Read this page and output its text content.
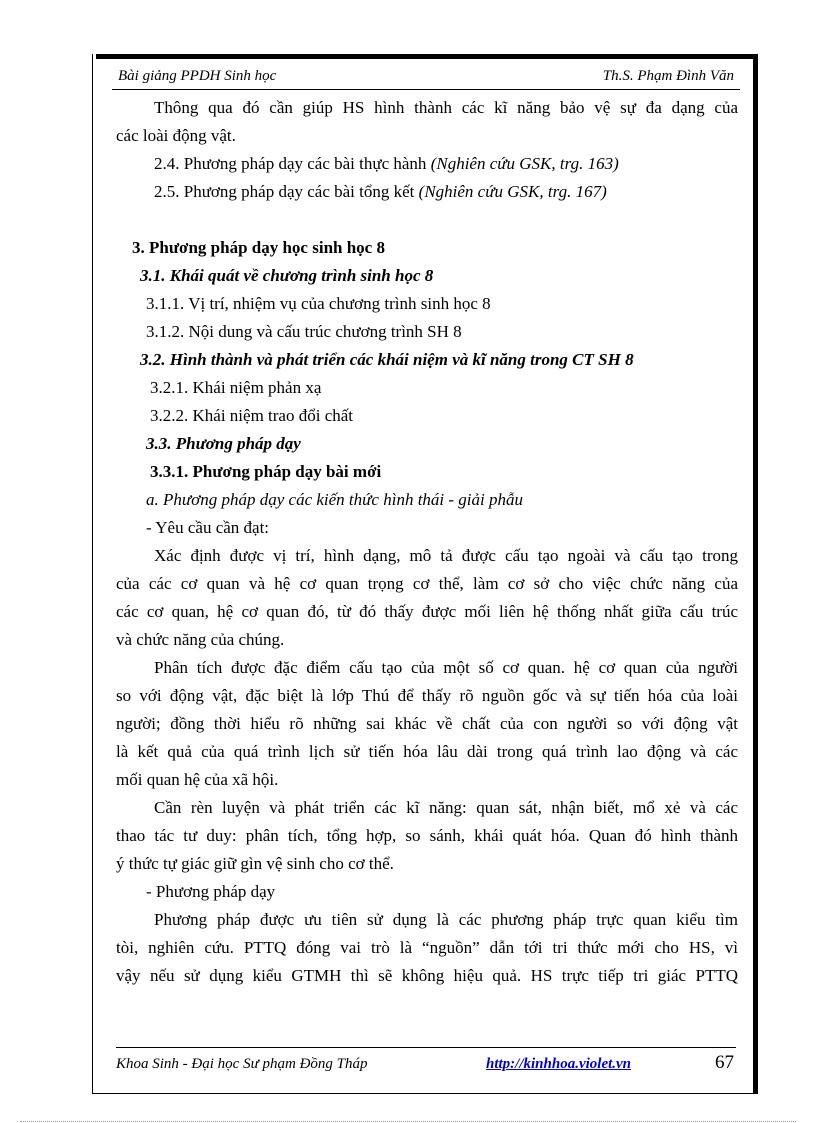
Bài giảng PPDH Sinh học	Th.S. Phạm Đình Văn
Thông qua đó cần giúp HS hình thành các kĩ năng bảo vệ sự đa dạng của
các loài động vật.
2.4. Phương pháp dạy các bài thực hành (Nghiên cứu GSK, trg. 163)
2.5. Phương pháp dạy các bài tổng kết (Nghiên cứu GSK, trg. 167)
3. Phương pháp dạy học sinh học 8
3.1. Khái quát về chương trình sinh học 8
3.1.1. Vị trí, nhiệm vụ của chương trình sinh học 8
3.1.2. Nội dung và cấu trúc chương trình SH 8
3.2. Hình thành và phát triển các khái niệm và kĩ năng trong CT SH 8
3.2.1. Khái niệm phản xạ
3.2.2. Khái niệm trao đổi chất
3.3. Phương pháp dạy
3.3.1. Phương pháp dạy bài mới
a. Phương pháp dạy các kiến thức hình thái - giải phẫu
- Yêu cầu cần đạt:
Xác định được vị trí, hình dạng, mô tả được cấu tạo ngoài và cấu tạo trong
của các cơ quan và hệ cơ quan trọng cơ thể, làm cơ sở cho việc chức năng của
các cơ quan, hệ cơ quan đó, từ đó thấy được mối liên hệ thống nhất giữa cấu trúc
và chức năng của chúng.
Phân tích được đặc điểm cấu tạo của một số cơ quan. hệ cơ quan của người
so với động vật, đặc biệt là lớp Thú để thấy rõ nguồn gốc và sự tiến hóa của loài
người; đồng thời hiểu rõ những sai khác về chất của con người so với động vật
là kết quả của quá trình lịch sử tiến hóa lâu dài trong quá trình lao động và các
mối quan hệ của xã hội.
Cần rèn luyện và phát triển các kĩ năng: quan sát, nhận biết, mổ xẻ và các
thao tác tư duy: phân tích, tổng hợp, so sánh, khái quát hóa. Quan đó hình thành
ý thức tự giác giữ gìn vệ sinh cho cơ thể.
- Phương pháp dạy
Phương pháp được ưu tiên sử dụng là các phương pháp trực quan kiểu tìm
tòi, nghiên cứu. PTTQ đóng vai trò là “nguồn” dẫn tới tri thức mới cho HS, vì
vậy nếu sử dụng kiểu GTMH thì sẽ không hiệu quả. HS trực tiếp tri giác PTTQ
Khoa Sinh - Đại học Sư phạm Đồng Tháp	http://kinhhoa.violet.vn	67
